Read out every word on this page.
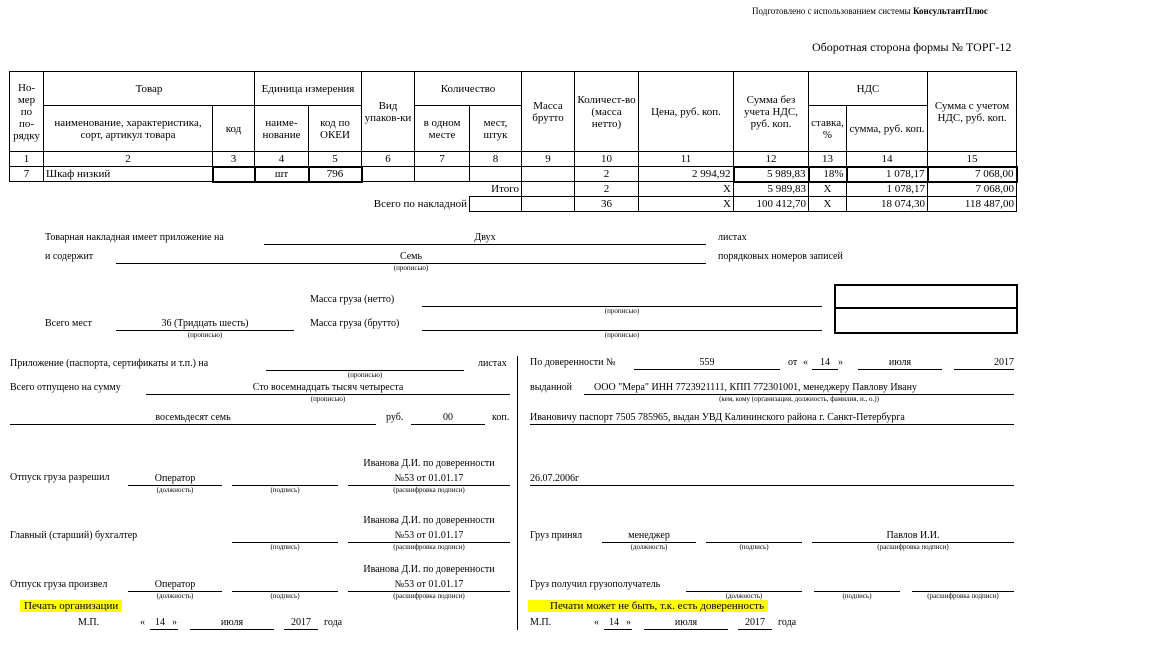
Подготовлено с использованием системы КонсультантПлюс
Оборотная сторона формы № ТОРГ-12
Но-мер по по-рядку	Товар		Единица измерения		Вид упаков-ки	Количество		Масса брутто	Количест-во (масса нетто)	Цена, руб. коп.	Сумма без учета НДС, руб. коп.	НДС		Сумма с учетом НДС, руб. коп.
	наименование, характеристика, сорт, артикул товара	код	наиме-нование	код по ОКЕИ		в одном месте	мест, штук					ставка, %	сумма, руб. коп.	
1	2	3	4	5	6	7	8	9	10	11	12	13	14	15
7	Шкаф низкий		шт	796					2	2 994,92	5 989,83	18%	1 078,17	7 068,00
						Итого			2	X	5 989,83	X	1 078,17	7 068,00
					Всего по накладной				36	X	100 412,70	X	18 074,30	118 487,00
Товарная накладная имеет приложение на	Двух	листах
и содержит	Семь
(прописью)
порядковых номеров записей
Масса груза (нетто)
(прописью)
Всего мест	36 (Тридцать шесть)
(прописью)
Масса груза (брутто)
(прописью)
Приложение (паспорта, сертификаты и т.п.) на
(прописью)
листах
Всего отпущено на сумму	Сто восемнадцать тысяч четыреста
(прописью)
восемьдесят семь	руб.	00	коп.
Отпуск груза разрешил	Оператор
(должность)	(подпись)
Иванова Д.И. по доверенности
№53 от 01.01.17
(расшифровка подписи)
Главный (старший) бухгалтер
(подпись)
Иванова Д.И. по доверенности
№53 от 01.01.17
(расшифровка подписи)
Отпуск груза произвел	Оператор
(должность)	(подпись)
Иванова Д.И. по доверенности
№53 от 01.01.17
(расшифровка подписи)
Печать организации
М.П.	«	14 »	июля	2017	года
По доверенности №	559	от «	14 »	июля	2017
выданной ООО "Мера" ИНН 7723921111, КПП 772301001, менеджеру Павлову Ивану
(кем, кому (организация, должность, фамилия, и., о.))
Ивановичу паспорт 7505 785965, выдан УВД Калининского района г. Санкт-Петербурга
26.07.2006г
Груз принял	менеджер
(должность)	(подпись)
Павлов И.И.
(расшифровка подписи)
Груз получил грузополучатель
(должность)	(подпись)	(расшифровка подписи)
Печати может не быть, т.к. есть доверенность
М.П.	«	14 »	июля	2017	года
